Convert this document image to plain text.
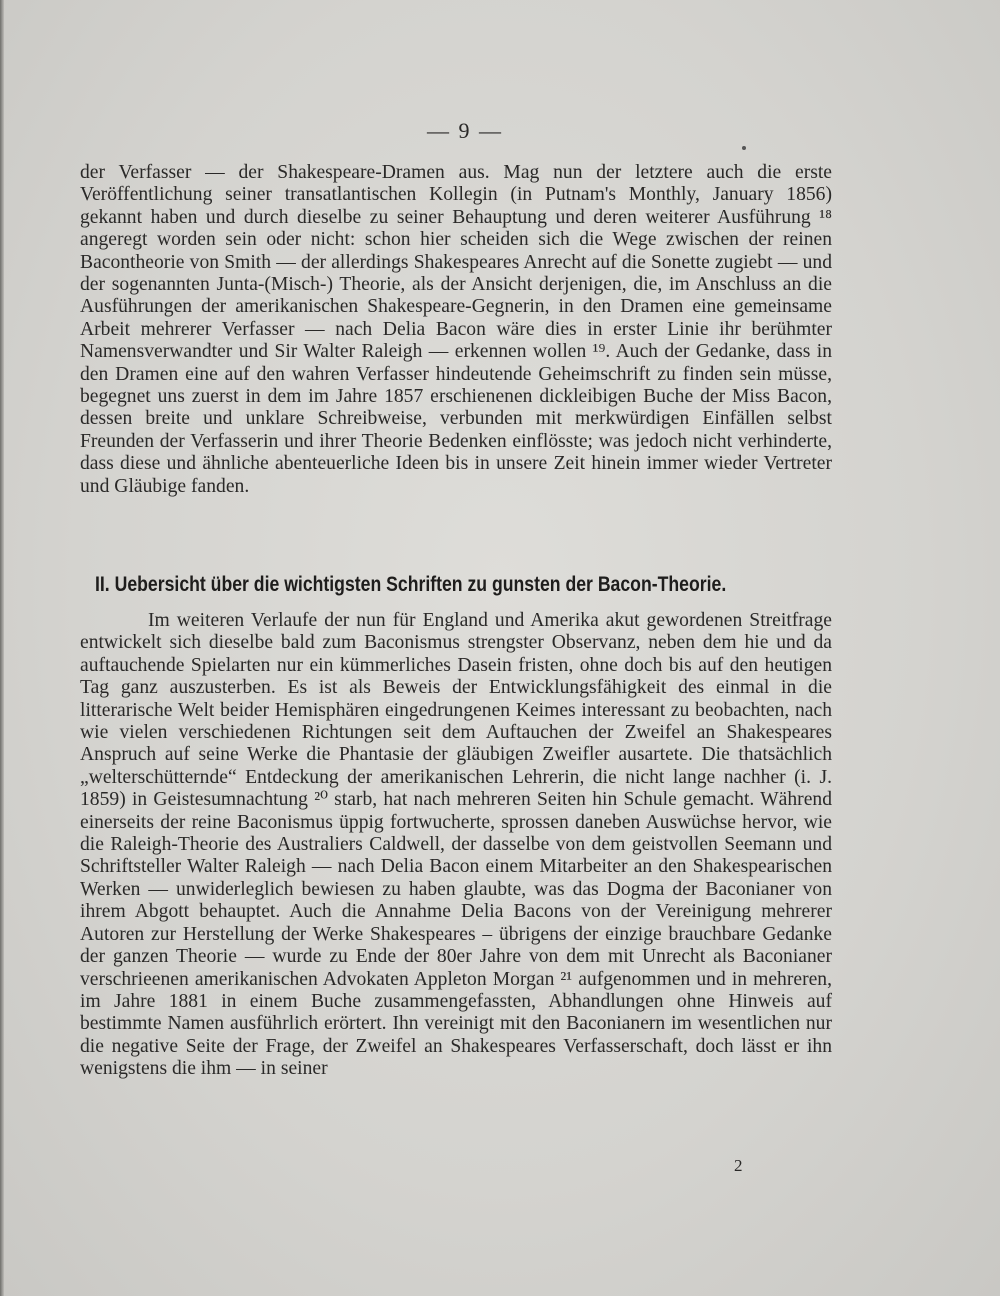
— 9 —

der Verfasser — der Shakespeare-Dramen aus. Mag nun der letztere auch die erste Veröffentlichung seiner transatlantischen Kollegin (in Putnam's Monthly, January 1856) gekannt haben und durch dieselbe zu seiner Behauptung und deren weiterer Ausführung ¹⁸ angeregt worden sein oder nicht: schon hier scheiden sich die Wege zwischen der reinen Bacontheorie von Smith — der allerdings Shakespeares Anrecht auf die Sonette zugiebt — und der sogenannten Junta-(Misch-) Theorie, als der Ansicht derjenigen, die, im Anschluss an die Ausführungen der amerikanischen Shakespeare-Gegnerin, in den Dramen eine gemeinsame Arbeit mehrerer Verfasser — nach Delia Bacon wäre dies in erster Linie ihr berühmter Namensverwandter und Sir Walter Raleigh — erkennen wollen ¹⁹. Auch der Gedanke, dass in den Dramen eine auf den wahren Verfasser hindeutende Geheimschrift zu finden sein müsse, begegnet uns zuerst in dem im Jahre 1857 erschienenen dickleibigen Buche der Miss Bacon, dessen breite und unklare Schreibweise, verbunden mit merkwürdigen Einfällen selbst Freunden der Verfasserin und ihrer Theorie Bedenken einflösste; was jedoch nicht verhinderte, dass diese und ähnliche abenteuerliche Ideen bis in unsere Zeit hinein immer wieder Vertreter und Gläubige fanden.

II. Uebersicht über die wichtigsten Schriften zu gunsten der Bacon-Theorie.

Im weiteren Verlaufe der nun für England und Amerika akut gewordenen Streitfrage entwickelt sich dieselbe bald zum Baconismus strengster Observanz, neben dem hie und da auftauchende Spielarten nur ein kümmerliches Dasein fristen, ohne doch bis auf den heutigen Tag ganz auszusterben. Es ist als Beweis der Entwicklungsfähigkeit des einmal in die litterarische Welt beider Hemisphären eingedrungenen Keimes interessant zu beobachten, nach wie vielen verschiedenen Richtungen seit dem Auftauchen der Zweifel an Shakespeares Anspruch auf seine Werke die Phantasie der gläubigen Zweifler ausartete. Die thatsächlich „welterschütternde“ Entdeckung der amerikanischen Lehrerin, die nicht lange nachher (i. J. 1859) in Geistesumnachtung ²⁰ starb, hat nach mehreren Seiten hin Schule gemacht. Während einerseits der reine Baconismus üppig fortwucherte, sprossen daneben Auswüchse hervor, wie die Raleigh-Theorie des Australiers Caldwell, der dasselbe von dem geistvollen Seemann und Schriftsteller Walter Raleigh — nach Delia Bacon einem Mitarbeiter an den Shakespearischen Werken — unwiderleglich bewiesen zu haben glaubte, was das Dogma der Baconianer von ihrem Abgott behauptet. Auch die Annahme Delia Bacons von der Vereinigung mehrerer Autoren zur Herstellung der Werke Shakespeares – übrigens der einzige brauchbare Gedanke der ganzen Theorie — wurde zu Ende der 80er Jahre von dem mit Unrecht als Baconianer verschrieenen amerikanischen Advokaten Appleton Morgan ²¹ aufgenommen und in mehreren, im Jahre 1881 in einem Buche zusammengefassten, Abhandlungen ohne Hinweis auf bestimmte Namen ausführlich erörtert. Ihn vereinigt mit den Baconianern im wesentlichen nur die negative Seite der Frage, der Zweifel an Shakespeares Verfasserschaft, doch lässt er ihn wenigstens die ihm — in seiner

2
